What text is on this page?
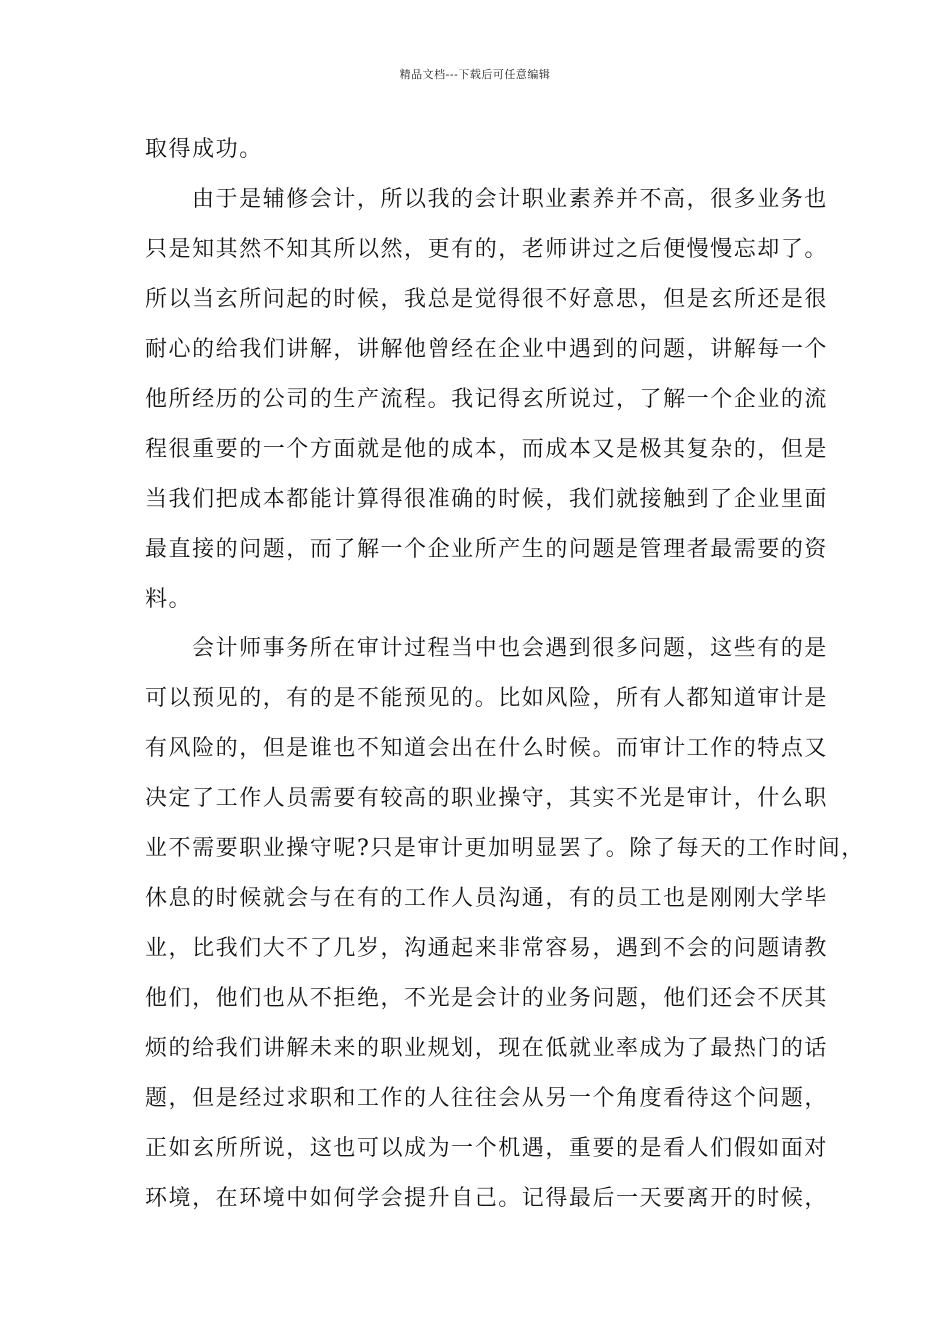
精品文档---下载后可任意编辑
取得成功。
由于是辅修会计，所以我的会计职业素养并不高，很多业务也
只是知其然不知其所以然，更有的，老师讲过之后便慢慢忘却了。
所以当玄所问起的时候，我总是觉得很不好意思，但是玄所还是很
耐心的给我们讲解，讲解他曾经在企业中遇到的问题，讲解每一个
他所经历的公司的生产流程。我记得玄所说过，了解一个企业的流
程很重要的一个方面就是他的成本，而成本又是极其复杂的，但是
当我们把成本都能计算得很准确的时候，我们就接触到了企业里面
最直接的问题，而了解一个企业所产生的问题是管理者最需要的资
料。
会计师事务所在审计过程当中也会遇到很多问题，这些有的是
可以预见的，有的是不能预见的。比如风险，所有人都知道审计是
有风险的，但是谁也不知道会出在什么时候。而审计工作的特点又
决定了工作人员需要有较高的职业操守，其实不光是审计，什么职
业不需要职业操守呢?只是审计更加明显罢了。除了每天的工作时间，
休息的时候就会与在有的工作人员沟通，有的员工也是刚刚大学毕
业，比我们大不了几岁，沟通起来非常容易，遇到不会的问题请教
他们，他们也从不拒绝，不光是会计的业务问题，他们还会不厌其
烦的给我们讲解未来的职业规划，现在低就业率成为了最热门的话
题，但是经过求职和工作的人往往会从另一个角度看待这个问题，
正如玄所所说，这也可以成为一个机遇，重要的是看人们假如面对
环境，在环境中如何学会提升自己。记得最后一天要离开的时候，
